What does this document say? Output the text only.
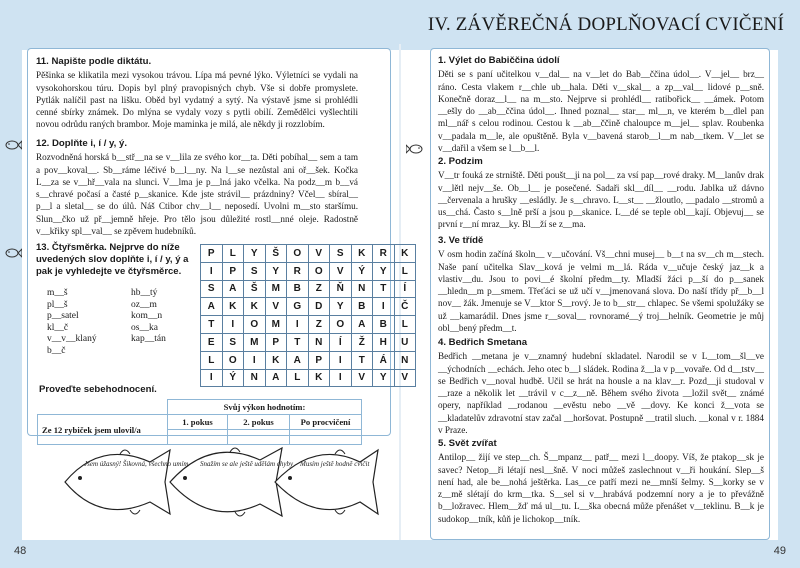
IV. ZÁVĚREČNÁ DOPLŇOVACÍ CVIČENÍ
48	49
11. Napište podle diktátu.

Pěšinka se klikatila mezi vysokou trávou. Lípa má pevné lýko. Výletníci se vydali na vysokohorskou túru. Dopis byl plný pravopisných chyb. Vše si dobře promyslete. Pytlák nalíčil past na lišku. Oběd byl vydatný a sytý. Na výstavě jsme si prohlédli cenné sbírky známek. Do mlýna se vydaly vozy s pytli obilí. Zemědělci vyšlechtili novou odrůdu raných brambor. Moje maminka je milá, ale někdy ji rozzlobím.

12. Doplňte i, í / y, ý.

Rozvodněná horská b__stř__na se v__lila ze svého kor__ta. Děti pobíhal__ sem a tam a pov__koval__. Sb__ráme léčivé b__l__ny. Na l__se nezůstal ani oř__šek. Kočka L__za se v__hř__vala na slunci. V__lma je p__lná jako včelka. Na podz__m b__vá s__chravé počasí a časté p__skanice. Kde jste strávil__ prázdniny? Včel__ sbíral__ p__l a sletal__ se do úlů. Náš Ctibor chv__l__ neposedí. Uvolni m__sto staršímu. Slun__čko už př__jemně hřeje. Pro tělo jsou důležité rostl__nné oleje. Radostně v__křiky spl__val__ se zpěvem hudebníků.

13. Čtyřsměrka. Nejprve do níže uvedených slov doplňte i, í / y, ý a pak je vyhledejte ve čtyřsměrce.
m__š	hb__tý
pl__š	oz__m
p__satel	kom__n
kl__č	os__ka
v__v__klaný	kap__tán
b__č
P	L	Y	Š	O	V	S	K	R	K
I	P	S	Y	R	O	V	Ý	Y	L
S	A	Š	M	B	Z	Ň	N	T	Í
A	K	K	V	G	D	Y	B	I	Č
T	I	O	M	I	Z	O	A	B	L
E	S	M	P	T	N	Í	Ž	H	U
L	O	I	K	A	P	I	T	Á	N
I	Ý	N	A	L	K	I	V	Y	V
Proveďte sebehodnocení.
	Svůj výkon hodnotím:		
Ze 12 rybiček jsem ulovil/a	1. pokus	2. pokus	Po procvičení

Jsem úžasný! Šikovná, všechno umím Snažím se ale ještě udělám chyby Musím ještě hodně cvičit
1. Výlet do Babiččina údolí

Děti se s paní učitelkou v__dal__ na v__let do Bab__ččina údol__. V__jel__ brz__ ráno. Cesta vlakem r__chle ub__hala. Děti v__skal__ a zp__val__ lidové p__sně. Konečně doraz__l__ na m__sto. Nejprve si prohlédl__ ratibořick__ __ámek. Potom __ešly do __ab__ččina údol__. Ihned poznal__ star__ ml__n, ve kterém b__dlel pan ml__nář s celou rodinou. Cestou k __ab__ččině chaloupce m__jel__ splav. Roubenka v__padala m__le, ale opuštěně. Byla v__bavená starob__l__m nab__tkem. V__let se v__dařil a všem se l__b__l.

2. Podzim

V__tr fouká ze strniště. Děti poušt__ji na pol__ za vsí pap__rové draky. M__lanův drak v__lětl nejv__še. Ob__l__ je posečené. Sadaři skl__díl__ __rodu. Jablka už dávno __červenala a hrušky __esládly. Je s__chravo. L__st__ __žloutlo, __padalo __stromů a us__chá. Často s__lně prší a jsou p__skanice. L__dé se teple obl__kají. Objevuj__ se první r__ní mraz__ky. Bl__ží se z__ma.

3. Ve třídě

V osm hodin začíná školn__ v__učování. Vš__chni musej__ b__t na sv__ch m__stech. Naše paní učitelka Slav__ková je velmi m__lá. Ráda v__učuje český jaz__k a vlastiv__du. Jsou to povi__é školní předm__ty. Mladší žáci p__ší do p__sanek __hledn__m p__smem. Třeťáci se už učí v__jmenovaná slova. Do naší třídy př__b__l nov__ žák. Jmenuje se V__ktor S__rový. Je to b__str__ chlapec. Se všemi spolužáky se už __kamarádil. Dnes jsme r__soval__ rovnoramé__ý troj__helník. Geometrie je můj obl__bený předm__t.

4. Bedřich Smetana

Bedřich __metana je v__znamný hudební skladatel. Narodil se v L__tom__šl__ve __ýchodních __echách. Jeho otec b__l sládek. Rodina ž__la v p__vovaře. Od d__tstv__ se Bedřich v__noval hudbě. Učil se hrát na housle a na klav__r. Pozd__ji studoval v __raze a několik let __trávil v c__z__ně. Během svého života __ložil svět__ známé opery, například __rodanou __evěstu nebo __vě __dovy. Ke konci ž__vota se __kladatelův zdravotní stav začal __horšovat. Postupně __tratil sluch. __konal v r. 1884 v Praze.

5. Svět zvířat

Antilop__ žijí ve step__ch. Š__mpanz__ patř__ mezi l__doopy. Víš, že ptakop__sk je savec? Netop__ři létají nesl__šně. V noci můžeš zaslechnout v__ři houkání. Slep__š není had, ale be__nohá ještěrka. Las__ce patří mezi ne__mnší šelmy. S__korky se v z__mě slétají do krm__tka. S__sel si v__hrabává podzemní nory a je to převážně b__ložravec. Hlem__žď má ul__tu. L__ška obecná může přenášet v__teklinu. B__k je sudokop__tník, kůň je lichokop__tník.
